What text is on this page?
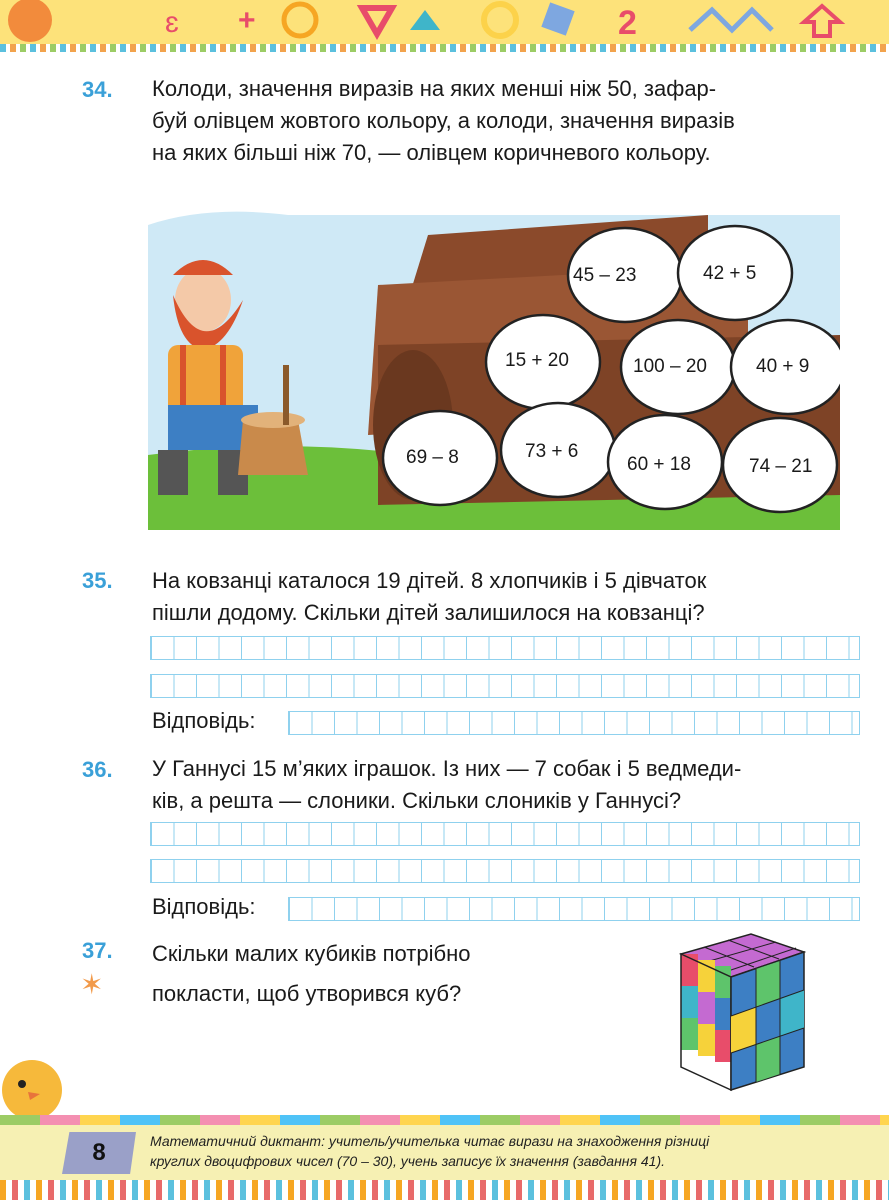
ɛ +	2
34. Колоди, значення виразів на яких менші ніж 50, зафар-
буй олівцем жовтого кольору, а колоди, значення виразів
на яких більші ніж 70, — олівцем коричневого кольору.
45 – 23	42 + 5
15 + 20	100 – 20	40 + 9
69 – 8	73 + 6
60 + 18	74 – 21
35. На ковзанці каталося 19 дітей. 8 хлопчиків і 5 дівчаток
пішли додому. Скільки дітей залишилося на ковзанці?
Відповідь:
36. У Ганнусі 15 м’яких іграшок. Із них — 7 собак і 5 ведмеди-
ків, а решта — слоники. Скільки слоників у Ганнусі?
Відповідь:
37.
✶
Скільки малих кубиків потрібно
покласти, щоб утворився куб?
8	Математичний диктант: учитель/учителька читає вирази на знаходження різниці
круглих двоцифрових чисел (70 – 30), учень записує їх значення (завдання 41).
